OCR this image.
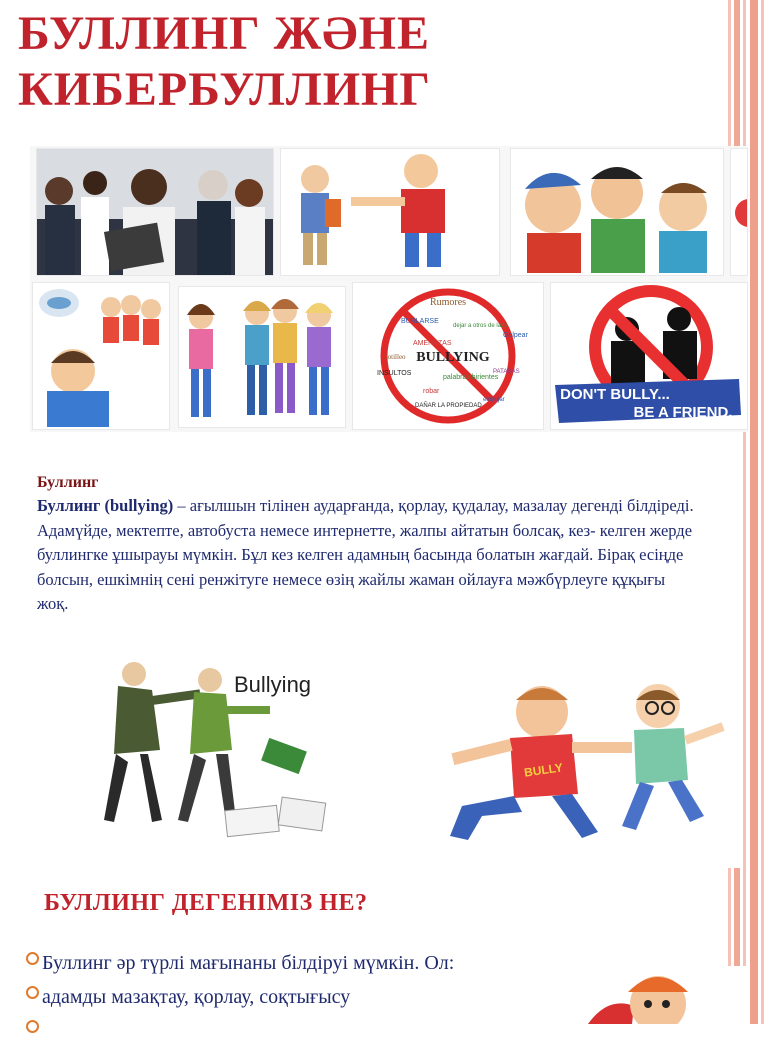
БУЛЛИНГ ЖӘНЕ
КИБЕРБУЛЛИНГ
Rumores
BURLARSE
dejar a otros de lado
Golpear
AMENAZAS
BULLYING
INSULTOS	PATADAS
palabras hirientes
robar
empujar
DAÑAR LA PROPIEDAD
Cotilleo
DON'T BULLY...
BE A FRIEND.
Буллинг

Буллинг (bullying) – ағылшын тілінен аударғанда, қорлау, қудалау, мазалау дегенді білдіреді. Адамүйде, мектепте, автобуста немесе интернетте, жалпы айтатын болсақ, кез- келген жерде буллингке ұшырауы мүмкін. Бұл кез келген адамның басында болатын жағдай. Бірақ есіңде болсын, ешкімнің сені ренжітуге немесе өзің жайлы жаман ойлауға мәжбүрлеуге құқығы жоқ.

Bullying
BULLY
БУЛЛИНГ ДЕГЕНІМІЗ НЕ?
Буллинг әр түрлі мағынаны білдіруі мүмкін. Ол:
адамды мазақтау, қорлау, соқтығысу
